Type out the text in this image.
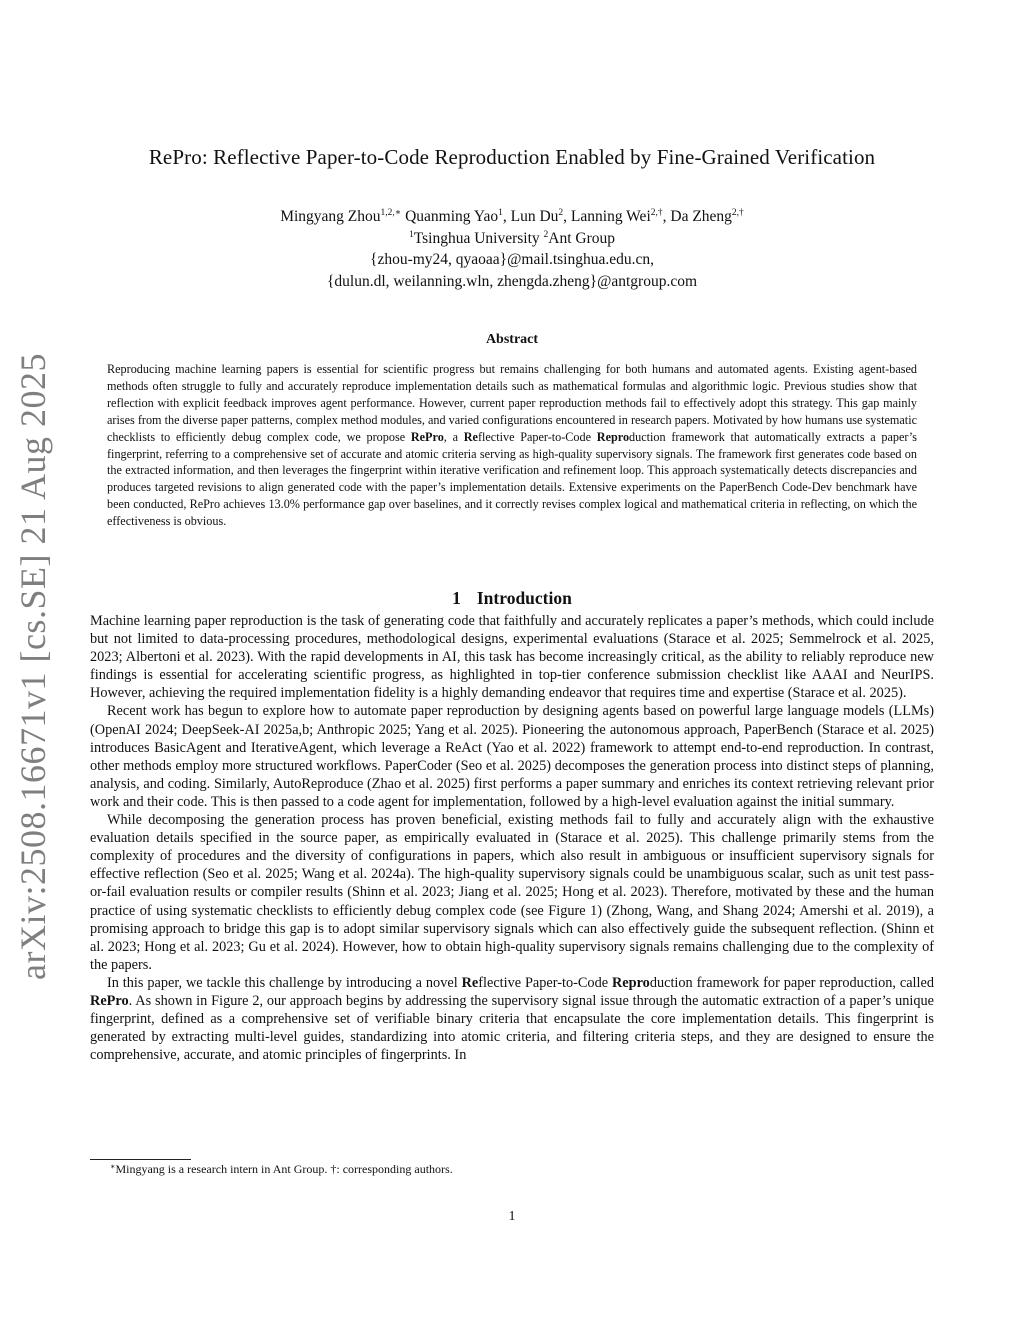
arXiv:2508.16671v1 [cs.SE] 21 Aug 2025
RePro: Reflective Paper-to-Code Reproduction Enabled by Fine-Grained Verification
Mingyang Zhou$^{1,2,∗}$ Quanming Yao$^1$, Lun Du$^2$, Lanning Wei$^{2,\dagger}$, Da Zheng$^{2,\dagger}$
$^1$Tsinghua University $^2$Ant Group
{zhou-my24, qyaoaa}@mail.tsinghua.edu.cn,
{dulun.dl, weilanning.wln, zhengda.zheng}@antgroup.com
Abstract

Reproducing machine learning papers is essential for scientific progress but remains challenging for both humans and automated agents. Existing agent-based methods often struggle to fully and accurately reproduce implementation details such as mathematical formulas and algorithmic logic. Previous studies show that reflection with explicit feedback improves agent performance. However, current paper reproduction methods fail to effectively adopt this strategy. This gap mainly arises from the diverse paper patterns, complex method modules, and varied configurations encountered in research papers. Motivated by how humans use systematic checklists to efficiently debug complex code, we propose RePro, a Reflective Paper-to-Code Reproduction framework that automatically extracts a paper’s fingerprint, referring to a comprehensive set of accurate and atomic criteria serving as high-quality supervisory signals. The framework first generates code based on the extracted information, and then leverages the fingerprint within iterative verification and refinement loop. This approach systematically detects discrepancies and produces targeted revisions to align generated code with the paper’s implementation details. Extensive experiments on the PaperBench Code-Dev benchmark have been conducted, RePro achieves 13.0% performance gap over baselines, and it correctly revises complex logical and mathematical criteria in reflecting, on which the effectiveness is obvious.

1 Introduction

Machine learning paper reproduction is the task of generating code that faithfully and accurately replicates a paper’s methods, which could include but not limited to data-processing procedures, methodological designs, experimental evaluations (Starace et al. 2025; Semmelrock et al. 2025, 2023; Albertoni et al. 2023). With the rapid developments in AI, this task has become increasingly critical, as the ability to reliably reproduce new findings is essential for accelerating scientific progress, as highlighted in top-tier conference submission checklist like AAAI and NeurIPS. However, achieving the required implementation fidelity is a highly demanding endeavor that requires time and expertise (Starace et al. 2025).

Recent work has begun to explore how to automate paper reproduction by designing agents based on powerful large language models (LLMs) (OpenAI 2024; DeepSeek-AI 2025a,b; Anthropic 2025; Yang et al. 2025). Pioneering the autonomous approach, PaperBench (Starace et al. 2025) introduces BasicAgent and IterativeAgent, which leverage a ReAct (Yao et al. 2022) framework to attempt end-to-end reproduction. In contrast, other methods employ more structured workflows. PaperCoder (Seo et al. 2025) decomposes the generation process into distinct steps of planning, analysis, and coding. Similarly, AutoReproduce (Zhao et al. 2025) first performs a paper summary and enriches its context retrieving relevant prior work and their code. This is then passed to a code agent for implementation, followed by a high-level evaluation against the initial summary.

While decomposing the generation process has proven beneficial, existing methods fail to fully and accurately align with the exhaustive evaluation details specified in the source paper, as empirically evaluated in (Starace et al. 2025). This challenge primarily stems from the complexity of procedures and the diversity of configurations in papers, which also result in ambiguous or insufficient supervisory signals for effective reflection (Seo et al. 2025; Wang et al. 2024a). The high-quality supervisory signals could be unambiguous scalar, such as unit test pass-or-fail evaluation results or compiler results (Shinn et al. 2023; Jiang et al. 2025; Hong et al. 2023). Therefore, motivated by these and the human practice of using systematic checklists to efficiently debug complex code (see Figure 1) (Zhong, Wang, and Shang 2024; Amershi et al. 2019), a promising approach to bridge this gap is to adopt similar supervisory signals which can also effectively guide the subsequent reflection. (Shinn et al. 2023; Hong et al. 2023; Gu et al. 2024). However, how to obtain high-quality supervisory signals remains challenging due to the complexity of the papers.

In this paper, we tackle this challenge by introducing a novel Reflective Paper-to-Code Reproduction framework for paper reproduction, called RePro. As shown in Figure 2, our approach begins by addressing the supervisory signal issue through the automatic extraction of a paper’s unique fingerprint, defined as a comprehensive set of verifiable binary criteria that encapsulate the core implementation details. This fingerprint is generated by extracting multi-level guides, standardizing into atomic criteria, and filtering criteria steps, and they are designed to ensure the comprehensive, accurate, and atomic principles of fingerprints. In

∗Mingyang is a research intern in Ant Group. †: corresponding authors.
1
